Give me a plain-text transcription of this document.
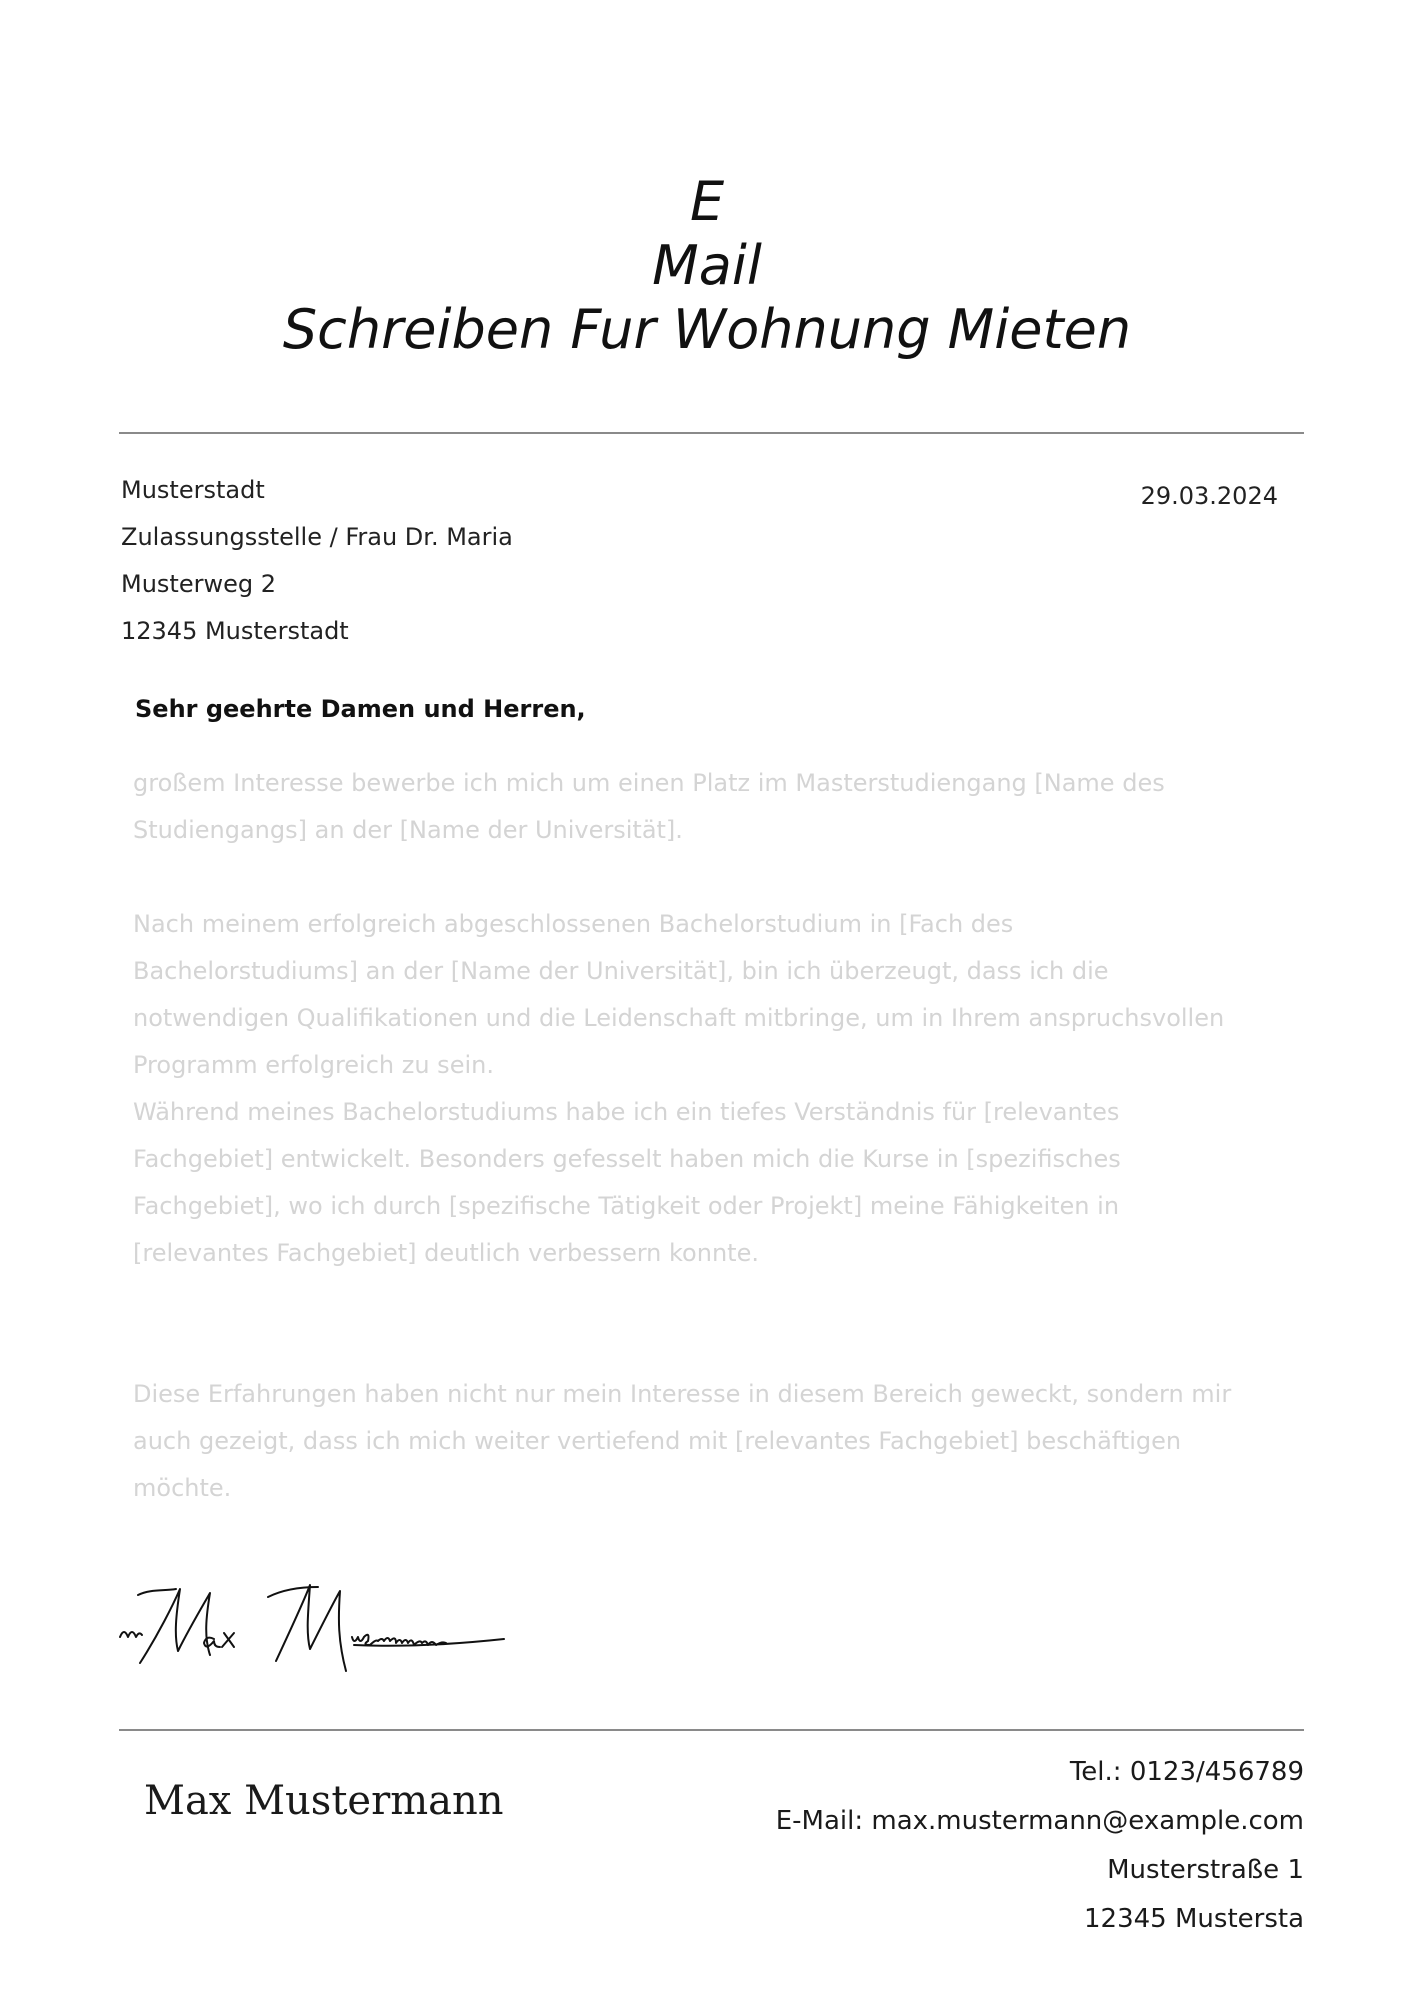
E
Mail
Schreiben Fur Wohnung Mieten
Musterstadt
Zulassungsstelle / Frau Dr. Maria
Musterweg 2
12345 Musterstadt
29.03.2024
Sehr geehrte Damen und Herren,

großem Interesse bewerbe ich mich um einen Platz im Masterstudiengang [Name des Studiengangs] an der [Name der Universität].

Nach meinem erfolgreich abgeschlossenen Bachelorstudium in [Fach des Bachelorstudiums] an der [Name der Universität], bin ich überzeugt, dass ich die notwendigen Qualifikationen und die Leidenschaft mitbringe, um in Ihrem anspruchsvollen Programm erfolgreich zu sein.

Während meines Bachelorstudiums habe ich ein tiefes Verständnis für [relevantes Fachgebiet] entwickelt. Besonders gefesselt haben mich die Kurse in [spezifisches Fachgebiet], wo ich durch [spezifische Tätigkeit oder Projekt] meine Fähigkeiten in [relevantes Fachgebiet] deutlich verbessern konnte.

Diese Erfahrungen haben nicht nur mein Interesse in diesem Bereich geweckt, sondern mir auch gezeigt, dass ich mich weiter vertiefend mit [relevantes Fachgebiet] beschäftigen möchte.

Max Mustermann
Tel.: 0123/456789
E-Mail: max.mustermann@example.com
Musterstraße 1
12345 Mustersta
